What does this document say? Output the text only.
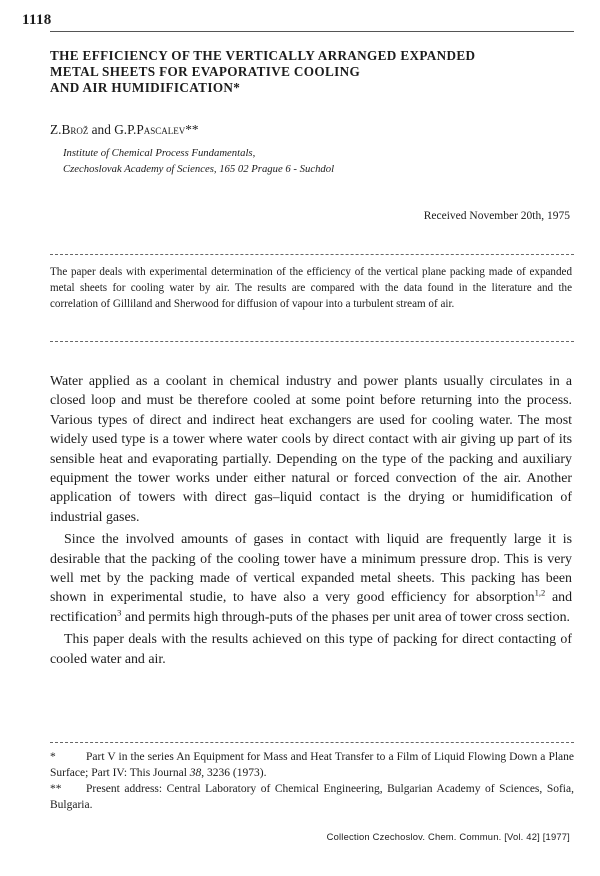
1118
THE EFFICIENCY OF THE VERTICALLY ARRANGED EXPANDED
METAL SHEETS FOR EVAPORATIVE COOLING
AND AIR HUMIDIFICATION*
Z.Brož and G.P.Pascalev**
Institute of Chemical Process Fundamentals,
Czechoslovak Academy of Sciences, 165 02 Prague 6 - Suchdol
Received November 20th, 1975
The paper deals with experimental determination of the efficiency of the vertical plane packing made of expanded metal sheets for cooling water by air. The results are compared with the data found in the literature and the correlation of Gilliland and Sherwood for diffusion of vapour into a turbulent stream of air.

Water applied as a coolant in chemical industry and power plants usually circulates in a closed loop and must be therefore cooled at some point before returning into the process. Various types of direct and indirect heat exchangers are used for cooling water. The most widely used type is a tower where water cools by direct contact with air giving up part of its sensible heat and evaporating partially. Depending on the type of the packing and auxiliary equipment the tower works under either natural or forced convection of the air. Another application of towers with direct gas–liquid contact is the drying or humidification of industrial gases.

Since the involved amounts of gases in contact with liquid are frequently large it is desirable that the packing of the cooling tower have a minimum pressure drop. This is very well met by the packing made of vertical expanded metal sheets. This packing has been shown in experimental studie, to have also a very good efficiency for absorption$^{1,2}$ and rectification$^3$ and permits high through-puts of the phases per unit area of tower cross section.

This paper deals with the results achieved on this type of packing for direct contacting of cooled water and air.

*	Part V in the series An Equipment for Mass and Heat Transfer to a Film of Liquid Flowing Down a Plane Surface; Part IV: This Journal 38, 3236 (1973).
** Present address: Central Laboratory of Chemical Engineering, Bulgarian Academy of Sciences, Sofia, Bulgaria.
Collection Czechoslov. Chem. Commun. [Vol. 42] [1977]
